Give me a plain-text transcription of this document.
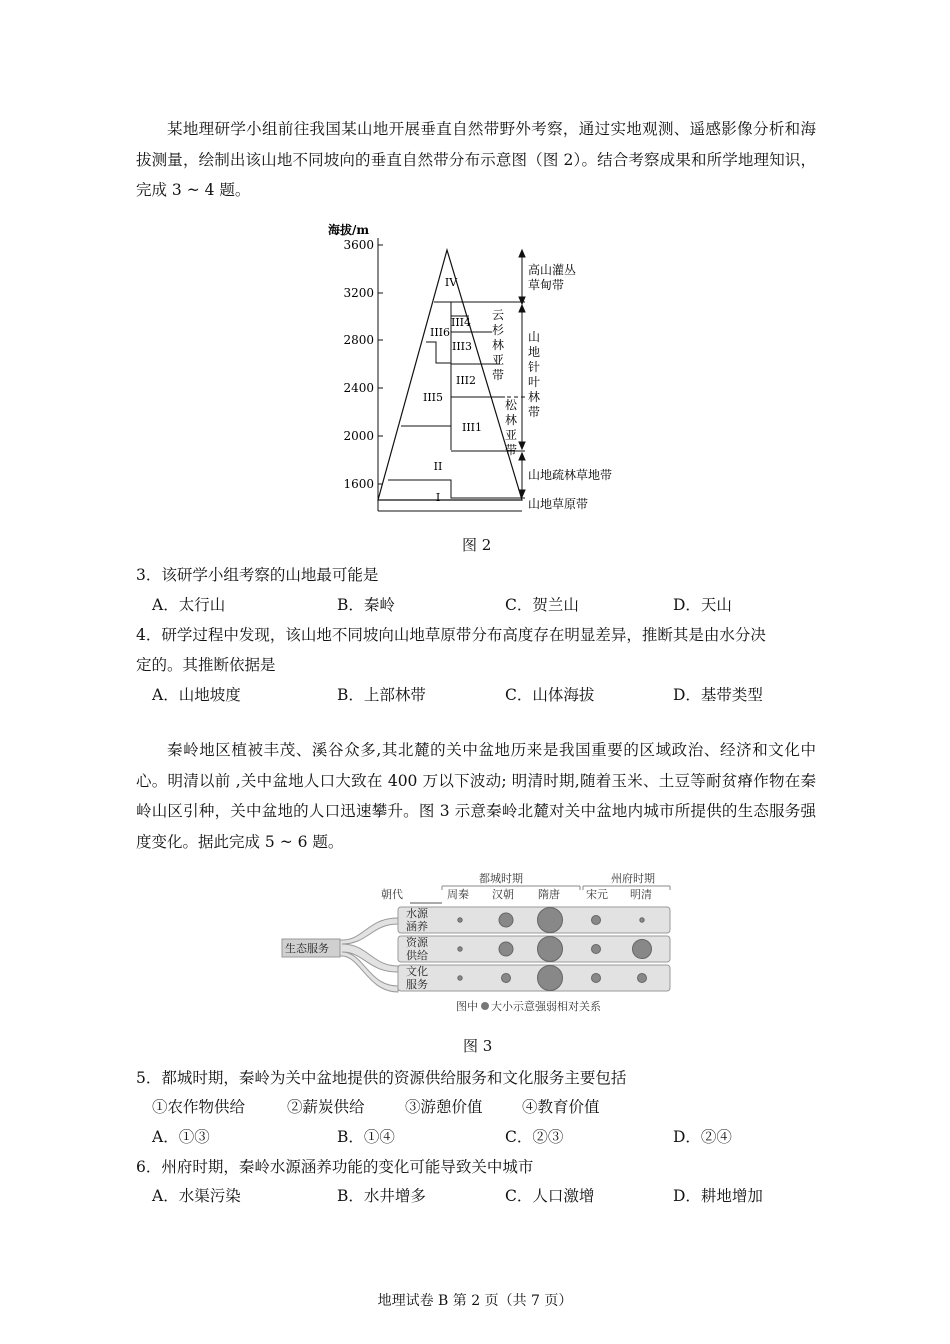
某地理研学小组前往我国某山地开展垂直自然带野外考察，通过实地观测、遥感影像分析和海拔测量，绘制出该山地不同坡向的垂直自然带分布示意图（图 2）。结合考察成果和所学地理知识，完成 3 ~ 4 题。
海拔/m
3600
3200
2800
2400
2000
1600
IV
III6
III4
III3
III2
III5
III1
II
I
高山灌丛
草甸带
云
杉
林
亚
带
山
地
针
叶
林
带
松
林
亚
带
山地疏林草地带
山地草原带
图 2
3．该研学小组考察的山地最可能是
A．太行山	B．秦岭	C．贺兰山	D．天山
4．研学过程中发现，该山地不同坡向山地草原带分布高度存在明显差异，推断其是由水分决
定的。其推断依据是
A．山地坡度	B．上部林带	C．山体海拔	D．基带类型
秦岭地区植被丰茂、溪谷众多,其北麓的关中盆地历来是我国重要的区域政治、经济和文化中心。明清以前 ,关中盆地人口大致在 400 万以下波动; 明清时期,随着玉米、土豆等耐贫瘠作物在秦岭山区引种，关中盆地的人口迅速攀升。图 3 示意秦岭北麓对关中盆地内城市所提供的生态服务强度变化。据此完成 5 ~ 6 题。
都城时期	州府时期
朝代	周秦 汉朝 隋唐 宋元 明清
生态服务
水源
涵养
资源
供给
文化
服务
图中 大小示意强弱相对关系
图 3
5．都城时期，秦岭为关中盆地提供的资源供给服务和文化服务主要包括
①农作物供给	②薪炭供给	③游憩价值	④教育价值
A．①③	B．①④	C．②③	D．②④
6．州府时期，秦岭水源涵养功能的变化可能导致关中城市
A．水渠污染	B．水井增多	C．人口激增	D．耕地增加
地理试卷 B 第 2 页（共 7 页）
